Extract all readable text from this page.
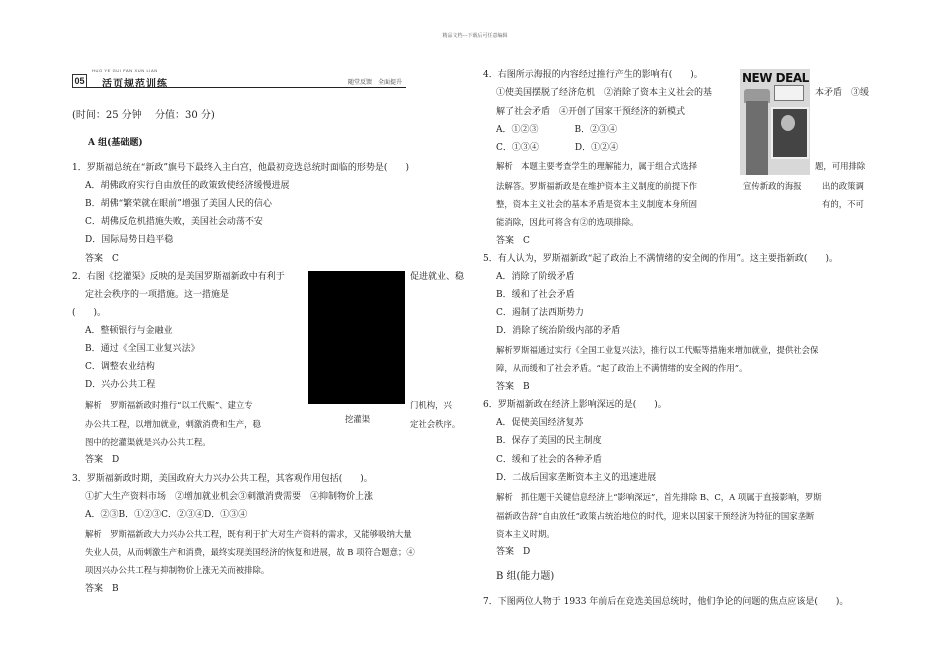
精品文档---下载后可任意编辑
05
HUO YE GUI FAN XUN LIAN
活页规范训练	随堂反馈　全面提升
(时间：25 分钟　 分值：30 分)
A 组(基础题)
1．罗斯福总统在“新政”旗号下最终入主白宫，他最初竞选总统时面临的形势是(　　)
A．胡佛政府实行自由放任的政策致使经济缓慢进展
B．胡佛“繁荣就在眼前”增强了美国人民的信心
C．胡佛反危机措施失败，美国社会动荡不安
D．国际局势日趋平稳
答案　C
2．右图《挖灌渠》反映的是美国罗斯福新政中有利于	促进就业、稳
定社会秩序的一项措施。这一措施是
(　　)。
A．整顿银行与金融业
B．通过《全国工业复兴法》
C．调整农业结构
D．兴办公共工程
解析　罗斯福新政时推行“以工代赈”、建立专	门机构，兴
办公共工程，以增加就业，刺激消费和生产，稳	定社会秩序。
图中的挖灌渠就是兴办公共工程。
挖灌渠
答案　D
3．罗斯福新政时期，美国政府大力兴办公共工程，其客观作用包括(　　)。
①扩大生产资料市场　②增加就业机会③刺激消费需要　④抑制物价上涨
A．②③B．①②③C．②③④D．①③④
解析　罗斯福新政大力兴办公共工程，既有利于扩大对生产资料的需求，又能够吸纳大量
失业人员，从而刺激生产和消费，最终实现美国经济的恢复和进展，故 B 项符合题意；④
项因兴办公共工程与抑制物价上涨无关而被排除。
答案　B
4．右图所示海报的内容经过推行产生的影响有(　　)。
①使美国摆脱了经济危机　②消除了资本主义社会的基	本矛盾　③缓
解了社会矛盾　④开创了国家干预经济的新模式
A．①②③　　　　B．②③④
C．①③④　　　　D．①②④
解析　本题主要考查学生的理解能力，属于组合式选择	题，可用排除
法解答。罗斯福新政是在维护资本主义制度的前提下作	出的政策调
整，资本主义社会的基本矛盾是资本主义制度本身所固	有的，不可
能消除，因此可将含有②的选项排除。
NEW DEAL
宣传新政的海报
答案　C
5．有人认为，罗斯福新政“起了政治上不满情绪的安全阀的作用”。这主要指新政(　　)。
A．消除了阶级矛盾
B．缓和了社会矛盾
C．遏制了法西斯势力
D．消除了统治阶级内部的矛盾
解析罗斯福通过实行《全国工业复兴法》，推行以工代赈等措施来增加就业，提供社会保
障，从而缓和了社会矛盾。“起了政治上不满情绪的安全阀的作用”。
答案　B
6．罗斯福新政在经济上影响深远的是(　　)。
A．促使美国经济复苏
B．保存了美国的民主制度
C．缓和了社会的各种矛盾
D．二战后国家垄断资本主义的迅速进展
解析　抓住题干关键信息经济上“影响深远”，首先排除 B、C，A 项属于直接影响，罗斯
福新政告辞“自由放任”政策占统治地位的时代，迎来以国家干预经济为特征的国家垄断
资本主义时期。
答案　D
B 组(能力题)
7．下图两位人物于 1933 年前后在竞选美国总统时，他们争论的问题的焦点应该是(　　)。
